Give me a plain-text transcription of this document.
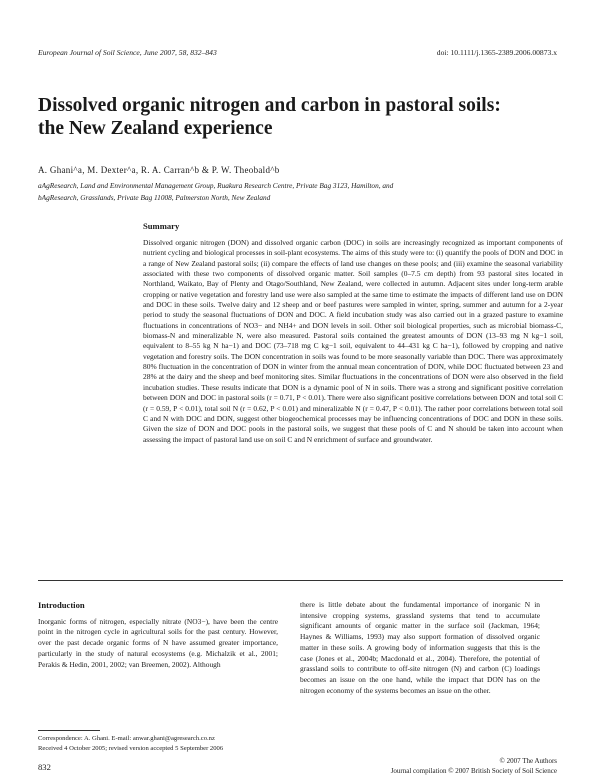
European Journal of Soil Science, June 2007, 58, 832–843	doi: 10.1111/j.1365-2389.2006.00873.x
Dissolved organic nitrogen and carbon in pastoral soils:
the New Zealand experience
A. Ghani^a, M. Dexter^a, R. A. Carran^b & P. W. Theobald^b
aAgResearch, Land and Environmental Management Group, Ruakura Research Centre, Private Bag 3123, Hamilton, and
bAgResearch, Grasslands, Private Bag 11008, Palmerston North, New Zealand
Summary

Dissolved organic nitrogen (DON) and dissolved organic carbon (DOC) in soils are increasingly recognized as important components of nutrient cycling and biological processes in soil-plant ecosystems. The aims of this study were to: (i) quantify the pools of DON and DOC in a range of New Zealand pastoral soils; (ii) compare the effects of land use changes on these pools; and (iii) examine the seasonal variability associated with these two components of dissolved organic matter. Soil samples (0–7.5 cm depth) from 93 pastoral sites located in Northland, Waikato, Bay of Plenty and Otago/Southland, New Zealand, were collected in autumn. Adjacent sites under long-term arable cropping or native vegetation and forestry land use were also sampled at the same time to estimate the impacts of different land use on DON and DOC in these soils. Twelve dairy and 12 sheep and or beef pastures were sampled in winter, spring, summer and autumn for a 2-year period to study the seasonal fluctuations of DON and DOC. A field incubation study was also carried out in a grazed pasture to examine fluctuations in concentrations of NO3− and NH4+ and DON levels in soil. Other soil biological properties, such as microbial biomass-C, biomass-N and mineralizable N, were also measured. Pastoral soils contained the greatest amounts of DON (13–93 mg N kg−1 soil, equivalent to 8–55 kg N ha−1) and DOC (73–718 mg C kg−1 soil, equivalent to 44–431 kg C ha−1), followed by cropping and native vegetation and forestry soils. The DON concentration in soils was found to be more seasonally variable than DOC. There was approximately 80% fluctuation in the concentration of DON in winter from the annual mean concentration of DON, while DOC fluctuated between 23 and 28% at the dairy and the sheep and beef monitoring sites. Similar fluctuations in the concentrations of DON were also observed in the field incubation studies. These results indicate that DON is a dynamic pool of N in soils. There was a strong and significant positive correlation between DON and DOC in pastoral soils (r = 0.71, P < 0.01). There were also significant positive correlations between DON and total soil C (r = 0.59, P < 0.01), total soil N (r = 0.62, P < 0.01) and mineralizable N (r = 0.47, P < 0.01). The rather poor correlations between total soil C and N with DOC and DON, suggest other biogeochemical processes may be influencing concentrations of DOC and DON in these soils. Given the size of DON and DOC pools in the pastoral soils, we suggest that these pools of C and N should be taken into account when assessing the impact of pastoral land use on soil C and N enrichment of surface and groundwater.

Introduction

Inorganic forms of nitrogen, especially nitrate (NO3−), have been the centre point in the nitrogen cycle in agricultural soils for the past century. However, over the past decade organic forms of N have assumed greater importance, particularly in the study of natural ecosystems (e.g. Michalzik et al., 2001; Perakis & Hedin, 2001, 2002; van Breemen, 2002). Although

there is little debate about the fundamental importance of inorganic N in intensive cropping systems, grassland systems that tend to accumulate significant amounts of organic matter in the surface soil (Jackman, 1964; Haynes & Williams, 1993) may also support formation of dissolved organic matter in these soils. A growing body of information suggests that this is the case (Jones et al., 2004b; Macdonald et al., 2004). Therefore, the potential of grassland soils to contribute to off-site nitrogen (N) and carbon (C) loadings becomes an issue on the one hand, while the impact that DON has on the nitrogen economy of the systems becomes an issue on the other.

Correspondence: A. Ghani. E-mail: anwar.ghani@agresearch.co.nz
Received 4 October 2005; revised version accepted 5 September 2006
832
© 2007 The Authors
Journal compilation © 2007 British Society of Soil Science
